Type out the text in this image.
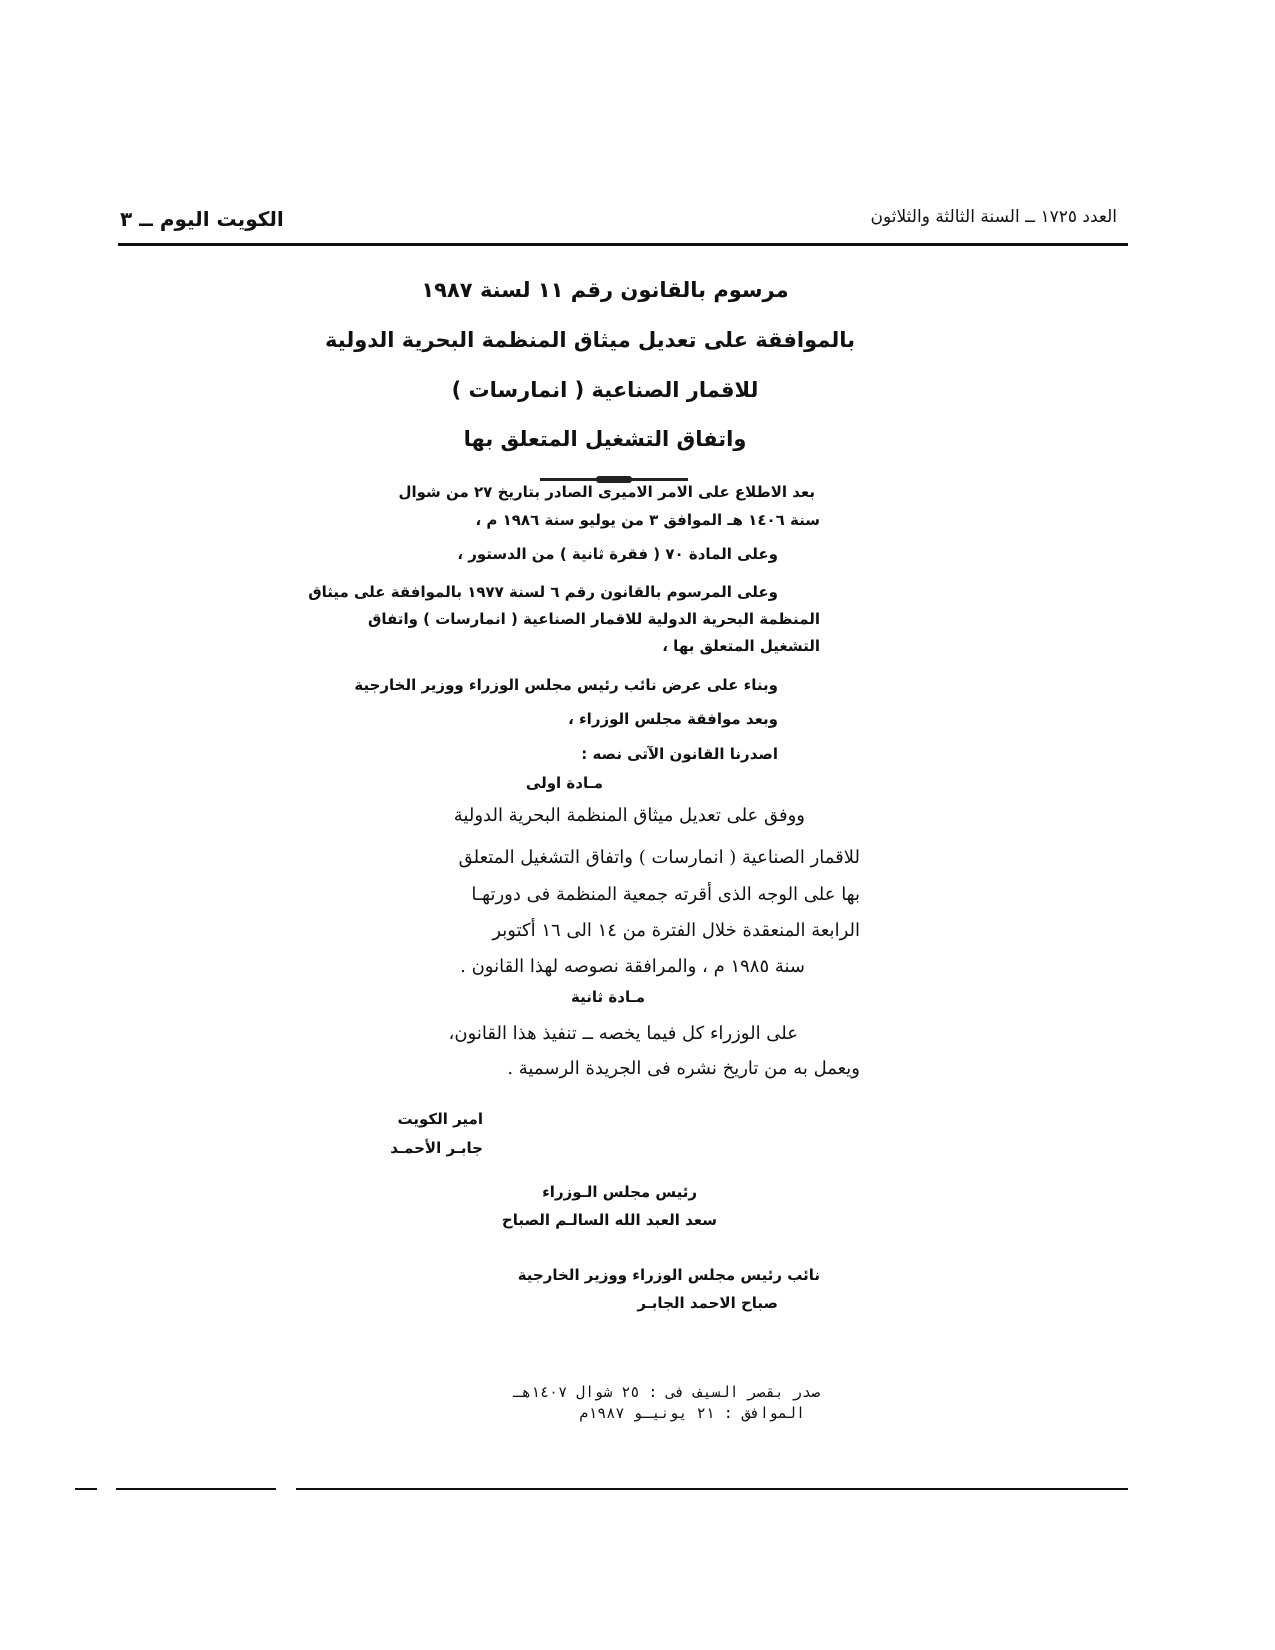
العدد ١٧٢٥ ــ السنة الثالثة والثلاثون
الكويت اليوم ــ ٣
مرسوم بالقانون رقم ١١ لسنة ١٩٨٧
بالموافقة على تعديل ميثاق المنظمة البحرية الدولية
للاقمار الصناعية ( انمارسات )
واتفاق التشغيل المتعلق بها
بعد الاطلاع على الامر الاميرى الصادر بتاريخ ٢٧ من شوال
سنة ١٤٠٦ هـ الموافق ٣ من يوليو سنة ١٩٨٦ م ،
وعلى المادة ٧٠ ( فقرة ثانية ) من الدستور ،
وعلى المرسوم بالقانون رقم ٦ لسنة ١٩٧٧ بالموافقة على ميثاق
المنظمة البحرية الدولية للاقمار الصناعية ( انمارسات ) واتفاق
التشغيل المتعلق بها ،
وبناء على عرض نائب رئيس مجلس الوزراء ووزير الخارجية
وبعد موافقة مجلس الوزراء ،
اصدرنا القانون الآتى نصه :
مـادة اولى
ووفق على تعديل ميثاق المنظمة البحرية الدولية
للاقمار الصناعية ( انمارسات ) واتفاق التشغيل المتعلق
بها على الوجه الذى أقرته جمعية المنظمة فى دورتهـا
الرابعة المنعقدة خلال الفترة من ١٤ الى ١٦ أكتوبر
سنة ١٩٨٥ م ، والمرافقة نصوصه لهذا القانون .
مـادة ثانية
على الوزراء كل فيما يخصه ــ تنفيذ هذا القانون،
ويعمل به من تاريخ نشره فى الجريدة الرسمية .
امير الكويت
جابـر الأحمـد
رئيس مجلس الـوزراء
سعد العبد الله السالـم الصباح
نائب رئيس مجلس الوزراء ووزير الخارجية
صباح الاحمد الجابـر
صدر بقصر السيف فى : ٢٥ شوال ١٤٠٧هـ
الموافق : ٢١ يونيـو ١٩٨٧م
